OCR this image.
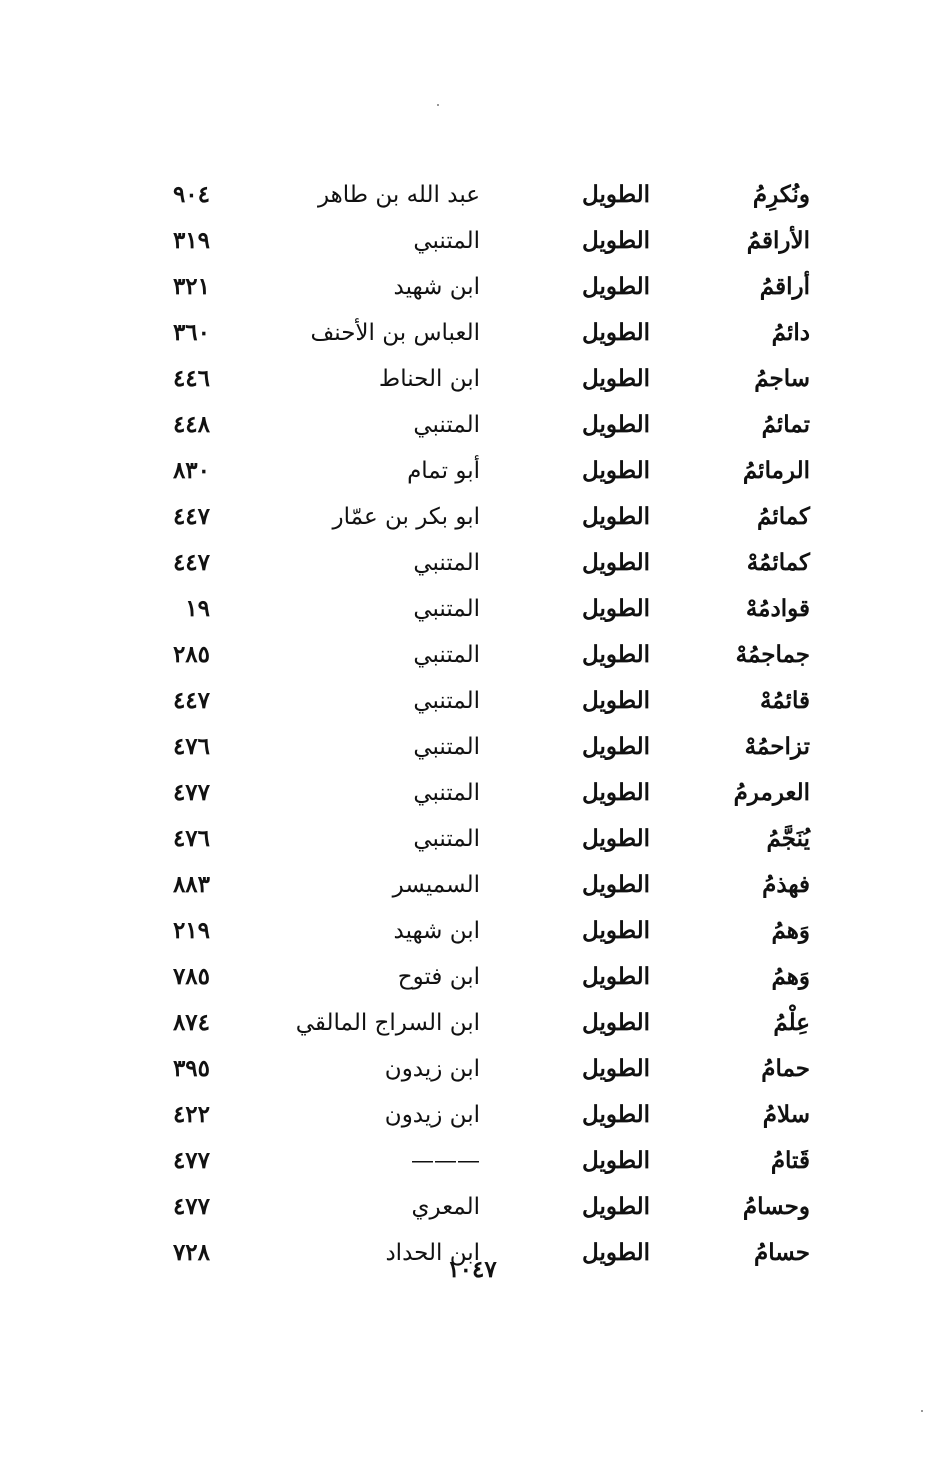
ونُكرِمُ
الطويل
عبد الله بن طاهر
٩٠٤
الأراقمُ
الطويل
المتنبي
٣١٩
أراقمُ
الطويل
ابن شهيد
٣٢١
دائمُ
الطويل
العباس بن الأحنف
٣٦٠
ساجمُ
الطويل
ابن الحناط
٤٤٦
تمائمُ
الطويل
المتنبي
٤٤٨
الرمائمُ
الطويل
أبو تمام
٨٣٠
كمائمُ
الطويل
ابو بكر بن عمّار
٤٤٧
كمائمُهْ
الطويل
المتنبي
٤٤٧
قوادمُهْ
الطويل
المتنبي
١٩
جماجمُهْ
الطويل
المتنبي
٢٨٥
قائمُهْ
الطويل
المتنبي
٤٤٧
تزاحمُهْ
الطويل
المتنبي
٤٧٦
العرمرمُ
الطويل
المتنبي
٤٧٧
يُنَجَّمُ
الطويل
المتنبي
٤٧٦
فهذمُ
الطويل
السميسر
٨٨٣
وَهمُ
الطويل
ابن شهيد
٢١٩
وَهمُ
الطويل
ابن فتوح
٧٨٥
عِلْمُ
الطويل
ابن السراج المالقي
٨٧٤
حمامُ
الطويل
ابن زيدون
٣٩٥
سلامُ
الطويل
ابن زيدون
٤٢٢
قَتامُ
الطويل
———
٤٧٧
وحسامُ
الطويل
المعري
٤٧٧
حسامُ
الطويل
ابن الحداد
٧٢٨
١٠٤٧
